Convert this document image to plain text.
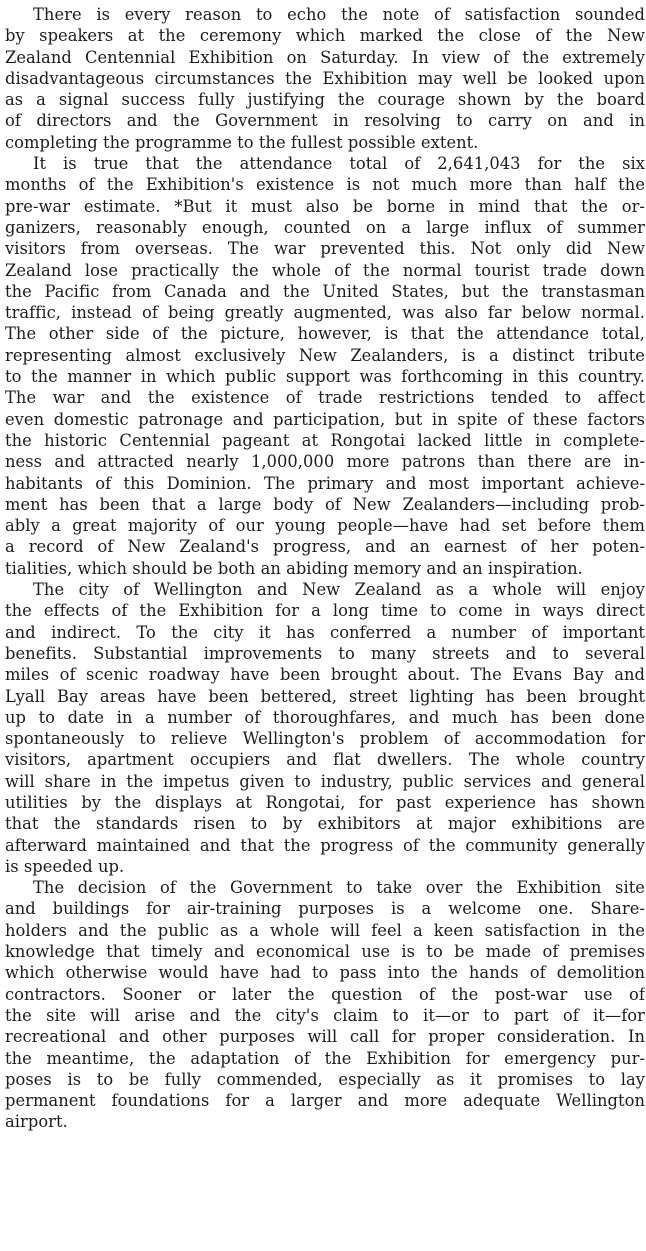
There is every reason to echo the note of satisfaction sounded
by speakers at the ceremony which marked the close of the New
Zealand Centennial Exhibition on Saturday. In view of the extremely
disadvantageous circumstances the Exhibition may well be looked upon
as a signal success fully justifying the courage shown by the board
of directors and the Government in resolving to carry on and in
completing the programme to the fullest possible extent.
It is true that the attendance total of 2,641,043 for the six
months of the Exhibition's existence is not much more than half the
pre-war estimate. *But it must also be borne in mind that the or-
ganizers, reasonably enough, counted on a large influx of summer
visitors from overseas. The war prevented this. Not only did New
Zealand lose practically the whole of the normal tourist trade down
the Pacific from Canada and the United States, but the transtasman
traffic, instead of being greatly augmented, was also far below normal.
The other side of the picture, however, is that the attendance total,
representing almost exclusively New Zealanders, is a distinct tribute
to the manner in which public support was forthcoming in this country.
The war and the existence of trade restrictions tended to affect
even domestic patronage and participation, but in spite of these factors
the historic Centennial pageant at Rongotai lacked little in complete-
ness and attracted nearly 1,000,000 more patrons than there are in-
habitants of this Dominion. The primary and most important achieve-
ment has been that a large body of New Zealanders—including prob-
ably a great majority of our young people—have had set before them
a record of New Zealand's progress, and an earnest of her poten-
tialities, which should be both an abiding memory and an inspiration.
The city of Wellington and New Zealand as a whole will enjoy
the effects of the Exhibition for a long time to come in ways direct
and indirect. To the city it has conferred a number of important
benefits. Substantial improvements to many streets and to several
miles of scenic roadway have been brought about. The Evans Bay and
Lyall Bay areas have been bettered, street lighting has been brought
up to date in a number of thoroughfares, and much has been done
spontaneously to relieve Wellington's problem of accommodation for
visitors, apartment occupiers and flat dwellers. The whole country
will share in the impetus given to industry, public services and general
utilities by the displays at Rongotai, for past experience has shown
that the standards risen to by exhibitors at major exhibitions are
afterward maintained and that the progress of the community generally
is speeded up.
The decision of the Government to take over the Exhibition site
and buildings for air-training purposes is a welcome one. Share-
holders and the public as a whole will feel a keen satisfaction in the
knowledge that timely and economical use is to be made of premises
which otherwise would have had to pass into the hands of demolition
contractors. Sooner or later the question of the post-war use of
the site will arise and the city's claim to it—or to part of it—for
recreational and other purposes will call for proper consideration. In
the meantime, the adaptation of the Exhibition for emergency pur-
poses is to be fully commended, especially as it promises to lay
permanent foundations for a larger and more adequate Wellington
airport.
